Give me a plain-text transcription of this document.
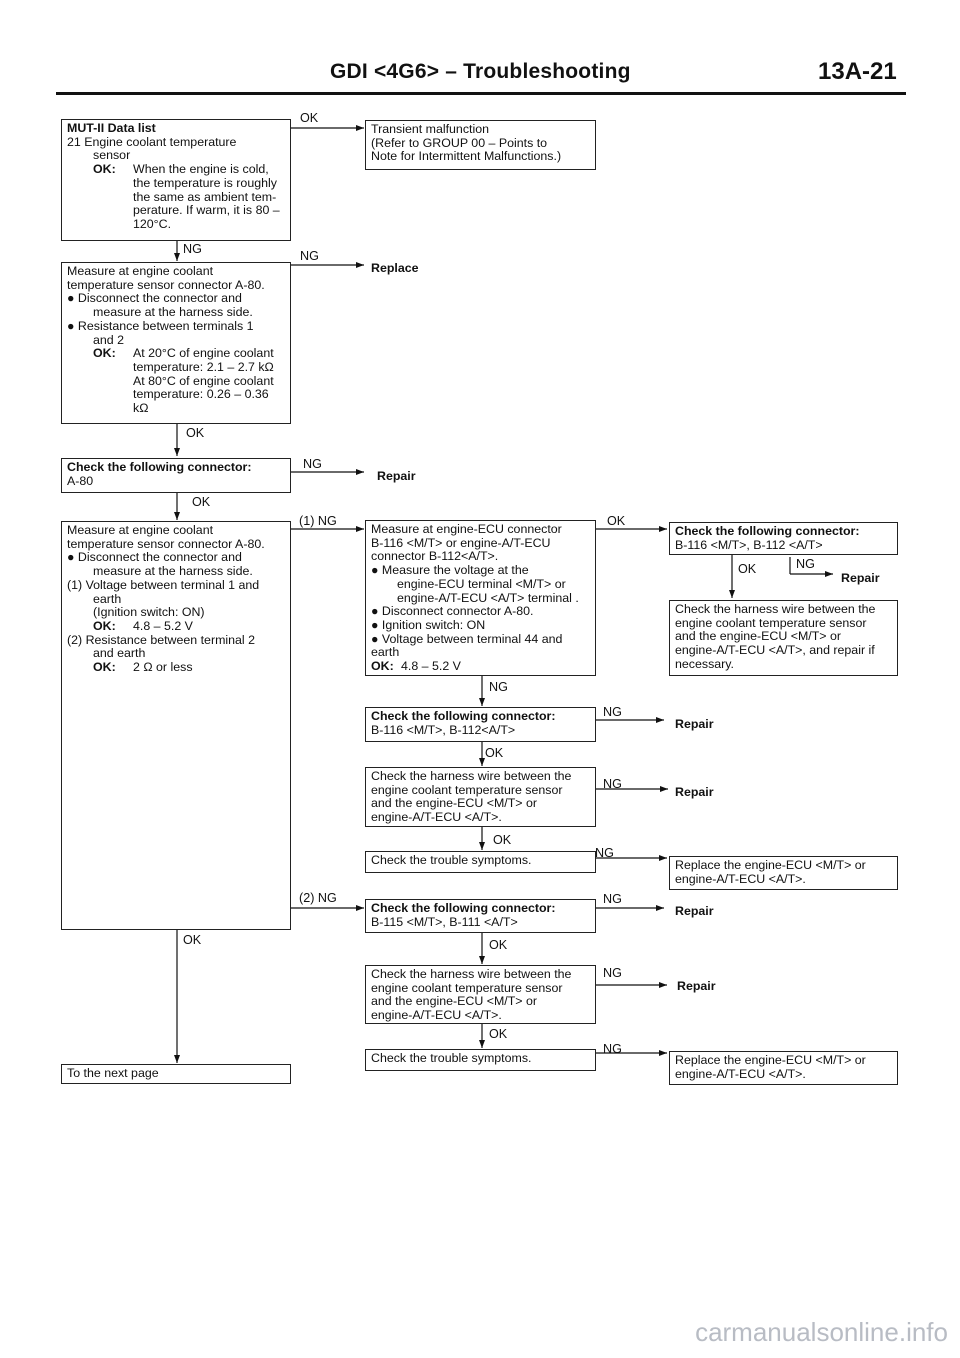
GDI <4G6> – Troubleshooting	13A-21
MUT-II Data list
21 Engine coolant temperature
sensor
OK:	When the engine is cold,
the temperature is roughly
the same as ambient tem-
perature. If warm, it is 80 –
120°C.
Transient malfunction
(Refer to GROUP 00 – Points to
Note for Intermittent Malfunctions.)
Measure at engine coolant
temperature sensor connector A-80.
● Disconnect the connector and
measure at the harness side.
● Resistance between terminals 1
and 2
OK:	At 20°C of engine coolant
temperature: 2.1 – 2.7 kΩ
At 80°C of engine coolant
temperature: 0.26 – 0.36
kΩ
Check the following connector:
A-80
Measure at engine coolant
temperature sensor connector A-80.
● Disconnect the connector and
measure at the harness side.
(1) Voltage between terminal 1 and
earth
(Ignition switch: ON)
OK:	4.8 – 5.2 V
(2) Resistance between terminal 2
and earth
OK:	2 Ω or less
To the next page
Measure at engine-ECU connector
B-116 <M/T> or engine-A/T-ECU
connector B-112<A/T>.
● Measure the voltage at the
engine-ECU terminal <M/T> or
engine-A/T-ECU <A/T> terminal .
● Disconnect connector A-80.
● Ignition switch: ON
● Voltage between terminal 44 and
earth
OK: 4.8 – 5.2 V
Check the following connector:
B-116 <M/T>, B-112 <A/T>
Check the harness wire between the
engine coolant temperature sensor
and the engine-ECU <M/T> or
engine-A/T-ECU <A/T>, and repair if
necessary.
Check the following connector:
B-116 <M/T>, B-112<A/T>
Check the harness wire between the
engine coolant temperature sensor
and the engine-ECU <M/T> or
engine-A/T-ECU <A/T>.
Check the trouble symptoms.	Replace the engine-ECU <M/T> or
engine-A/T-ECU <A/T>.
Check the following connector:
B-115 <M/T>, B-111 <A/T>
Check the harness wire between the
engine coolant temperature sensor
and the engine-ECU <M/T> or
engine-A/T-ECU <A/T>.
Check the trouble symptoms.	Replace the engine-ECU <M/T> or
engine-A/T-ECU <A/T>.
OK
NG	NG
Replace
OK
NG
Repair
OK
(1) NG	OK
OK	NG
Repair
NG
NG
Repair
OK
NG
Repair
OK
NG
(2) NG	NG
Repair
OK	OK
NG
Repair
OK
NG
carmanualsonline.info
